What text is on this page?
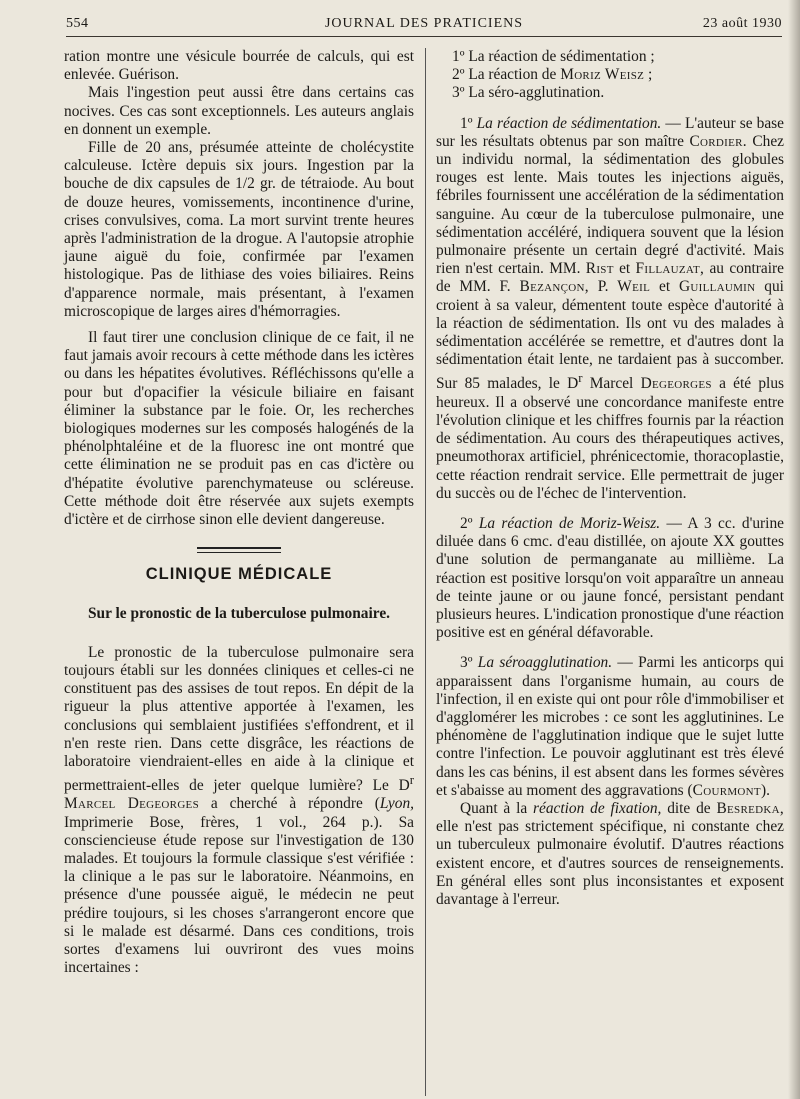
554	JOURNAL DES PRATICIENS	23 août 1930

ration montre une vésicule bourrée de calculs, qui est enlevée. Guérison.

Mais l'ingestion peut aussi être dans certains cas nocives. Ces cas sont exceptionnels. Les auteurs anglais en donnent un exemple.

Fille de 20 ans, présumée atteinte de cholécystite calculeuse. Ictère depuis six jours. Ingestion par la bouche de dix capsules de 1/2 gr. de tétraiode. Au bout de douze heures, vomissements, incontinence d'urine, crises convulsives, coma. La mort survint trente heures après l'administration de la drogue. A l'autopsie atrophie jaune aiguë du foie, confirmée par l'examen histologique. Pas de lithiase des voies biliaires. Reins d'apparence normale, mais présentant, à l'examen microscopique de larges aires d'hémorragies.

Il faut tirer une conclusion clinique de ce fait, il ne faut jamais avoir recours à cette méthode dans les ictères ou dans les hépatites évolutives. Réfléchissons qu'elle a pour but d'opacifier la vésicule biliaire en faisant éliminer la substance par le foie. Or, les recherches biologiques modernes sur les composés halogénés de la phénolphtaléine et de la fluoresc ine ont montré que cette élimination ne se produit pas en cas d'ictère ou d'hépatite évolutive parenchymateuse ou scléreuse. Cette méthode doit être réservée aux sujets exempts d'ictère et de cirrhose sinon elle devient dangereuse.

CLINIQUE MÉDICALE
Sur le pronostic de la tuberculose pulmonaire.

Le pronostic de la tuberculose pulmonaire sera toujours établi sur les données cliniques et celles-ci ne constituent pas des assises de tout repos. En dépit de la rigueur la plus attentive apportée à l'examen, les conclusions qui semblaient justifiées s'effondrent, et il n'en reste rien. Dans cette disgrâce, les réactions de laboratoire viendraient-elles en aide à la clinique et permettraient-elles de jeter quelque lumière? Le $D^r$ Marcel Degeorges a cherché à répondre (Lyon, Imprimerie Bose, frères, 1 vol., 264 p.). Sa consciencieuse étude repose sur l'investigation de 130 malades. Et toujours la formule classique s'est vérifiée : la clinique a le pas sur le laboratoire. Néanmoins, en présence d'une poussée aiguë, le médecin ne peut prédire toujours, si les choses s'arrangeront encore que si le malade est désarmé. Dans ces conditions, trois sortes d'examens lui ouvriront des vues moins incertaines :

1º La réaction de sédimentation ;

2º La réaction de Moriz Weisz ;

3º La séro-agglutination.

1º La réaction de sédimentation. — L'auteur se base sur les résultats obtenus par son maître Cordier. Chez un individu normal, la sédimentation des globules rouges est lente. Mais toutes les injections aiguës, fébriles fournissent une accélération de la sédimentation sanguine. Au cœur de la tuberculose pulmonaire, une sédimentation accéléré, indiquera souvent que la lésion pulmonaire présente un certain degré d'activité. Mais rien n'est certain. MM. Rist et Fillauzat, au contraire de MM. F. Bezançon, P. Weil et Guillaumin qui croient à sa valeur, démentent toute espèce d'autorité à la réaction de sédimentation. Ils ont vu des malades à sédimentation accélérée se remettre, et d'autres dont la sédimentation était lente, ne tardaient pas à succomber. Sur 85 malades, le $D^r$ Marcel Degeorges a été plus heureux. Il a observé une concordance manifeste entre l'évolution clinique et les chiffres fournis par la réaction de sédimentation. Au cours des thérapeutiques actives, pneumothorax artificiel, phrénicectomie, thoracoplastie, cette réaction rendrait service. Elle permettrait de juger du succès ou de l'échec de l'intervention.

2º La réaction de Moriz-Weisz. — A 3 cc. d'urine diluée dans 6 cmc. d'eau distillée, on ajoute XX gouttes d'une solution de permanganate au millième. La réaction est positive lorsqu'on voit apparaître un anneau de teinte jaune or ou jaune foncé, persistant pendant plusieurs heures. L'indication pronostique d'une réaction positive est en général défavorable.

3º La séroagglutination. — Parmi les anticorps qui apparaissent dans l'organisme humain, au cours de l'infection, il en existe qui ont pour rôle d'immobiliser et d'agglomérer les microbes : ce sont les agglutinines. Le phénomène de l'agglutination indique que le sujet lutte contre l'infection. Le pouvoir agglutinant est très élevé dans les cas bénins, il est absent dans les formes sévères et s'abaisse au moment des aggravations (Courmont).

Quant à la réaction de fixation, dite de Besredka, elle n'est pas strictement spécifique, ni constante chez un tuberculeux pulmonaire évolutif. D'autres réactions existent encore, et d'autres sources de renseignements. En général elles sont plus inconsistantes et exposent davantage à l'erreur.
